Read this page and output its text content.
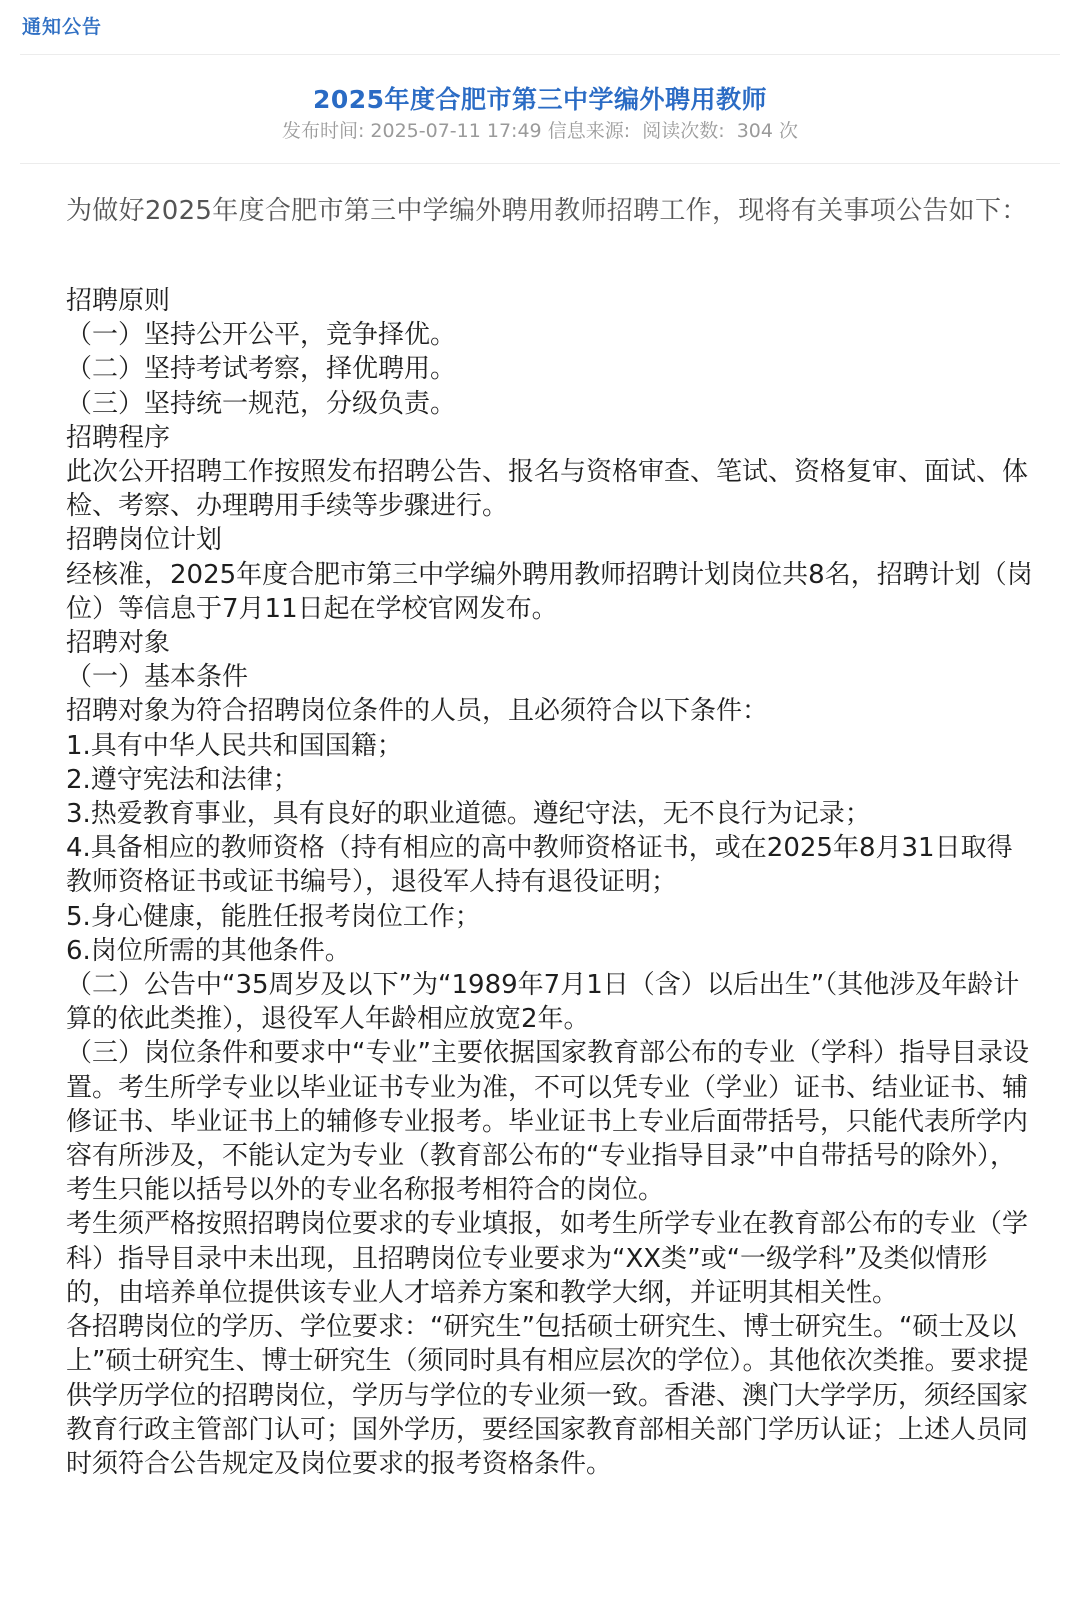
通知公告
2025年度合肥市第三中学编外聘用教师
发布时间: 2025-07-11 17:49 信息来源: 阅读次数: 304 次
为做好2025年度合肥市第三中学编外聘用教师招聘工作，现将有关事项公告如下：

招聘原则

（一）坚持公开公平，竞争择优。

（二）坚持考试考察，择优聘用。

（三）坚持统一规范，分级负责。

招聘程序

此次公开招聘工作按照发布招聘公告、报名与资格审查、笔试、资格复审、面试、体检、考察、办理聘用手续等步骤进行。

招聘岗位计划

经核准，2025年度合肥市第三中学编外聘用教师招聘计划岗位共8名，招聘计划（岗位）等信息于7月11日起在学校官网发布。

招聘对象

（一）基本条件

招聘对象为符合招聘岗位条件的人员，且必须符合以下条件：

1.具有中华人民共和国国籍；

2.遵守宪法和法律；

3.热爱教育事业，具有良好的职业道德。遵纪守法，无不良行为记录；

4.具备相应的教师资格（持有相应的高中教师资格证书，或在2025年8月31日取得教师资格证书或证书编号），退役军人持有退役证明；

5.身心健康，能胜任报考岗位工作；

6.岗位所需的其他条件。

（二）公告中“35周岁及以下”为“1989年7月1日（含）以后出生”（其他涉及年龄计算的依此类推），退役军人年龄相应放宽2年。

（三）岗位条件和要求中“专业”主要依据国家教育部公布的专业（学科）指导目录设置。考生所学专业以毕业证书专业为准，不可以凭专业（学业）证书、结业证书、辅修证书、毕业证书上的辅修专业报考。毕业证书上专业后面带括号，只能代表所学内容有所涉及，不能认定为专业（教育部公布的“专业指导目录”中自带括号的除外），考生只能以括号以外的专业名称报考相符合的岗位。

考生须严格按照招聘岗位要求的专业填报，如考生所学专业在教育部公布的专业（学科）指导目录中未出现，且招聘岗位专业要求为“XX类”或“一级学科”及类似情形的，由培养单位提供该专业人才培养方案和教学大纲，并证明其相关性。

各招聘岗位的学历、学位要求：“研究生”包括硕士研究生、博士研究生。“硕士及以上”硕士研究生、博士研究生（须同时具有相应层次的学位）。其他依次类推。要求提供学历学位的招聘岗位，学历与学位的专业须一致。香港、澳门大学学历，须经国家教育行政主管部门认可；国外学历，要经国家教育部相关部门学历认证；上述人员同时须符合公告规定及岗位要求的报考资格条件。
